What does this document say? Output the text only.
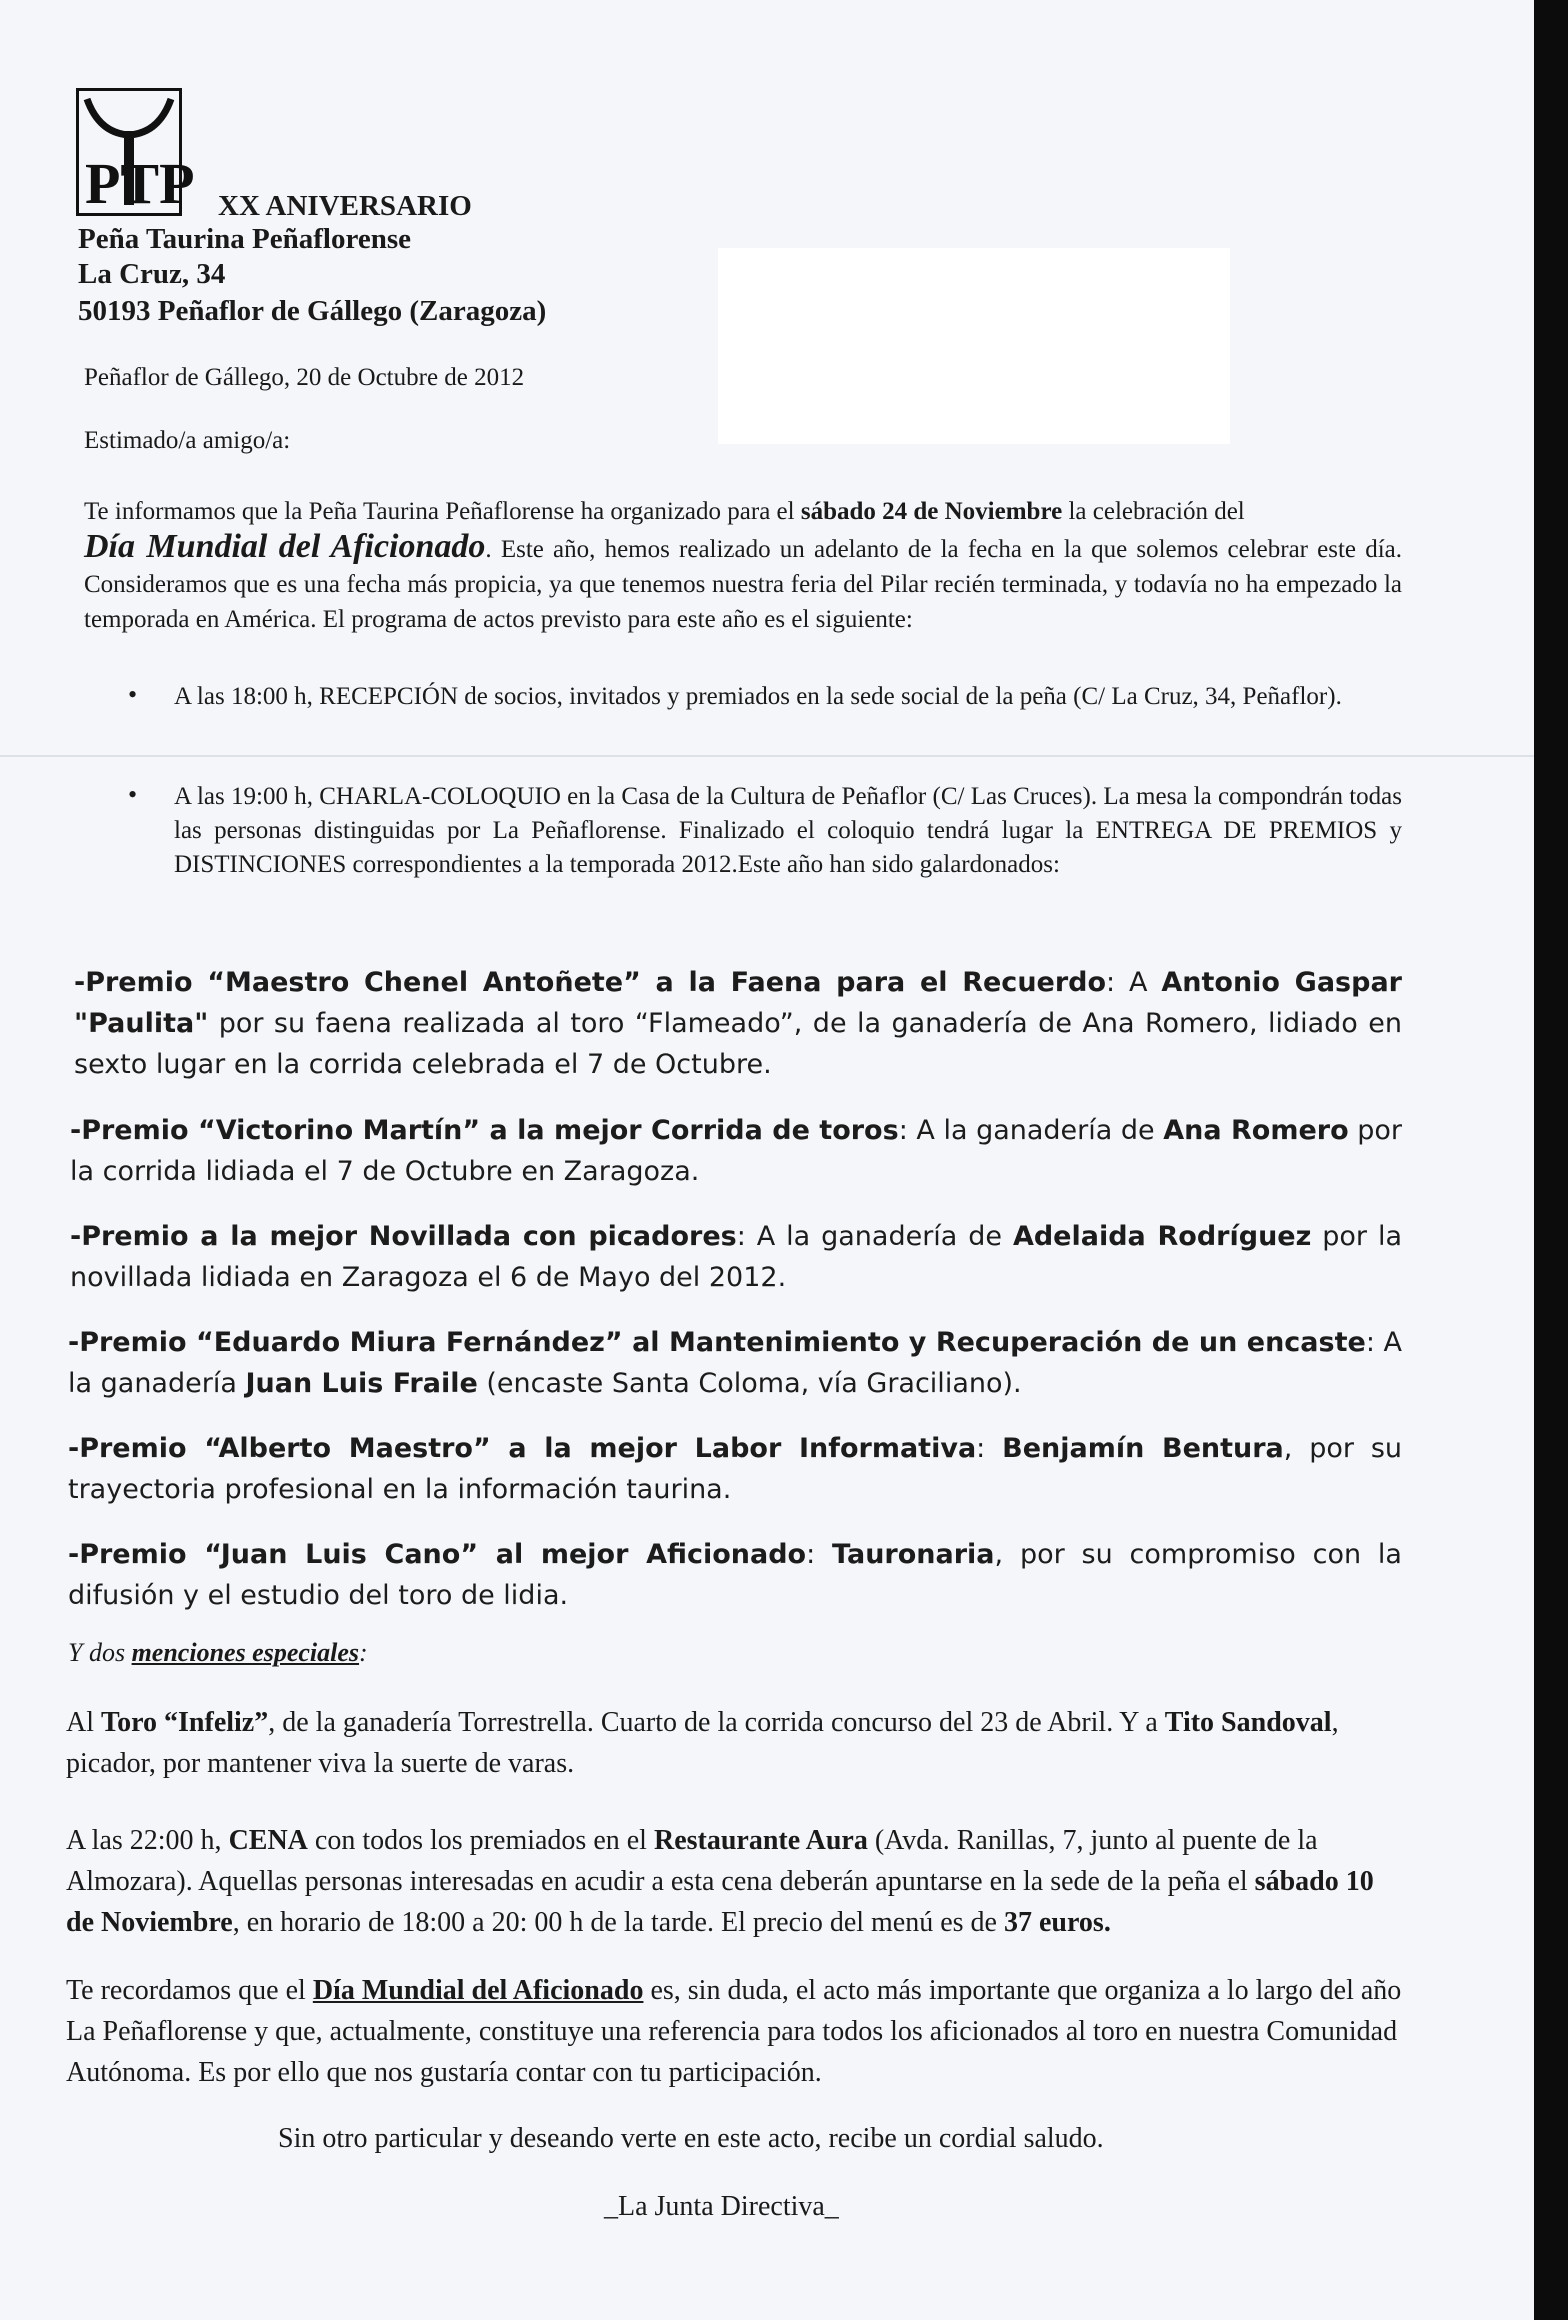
PTP XX ANIVERSARIO
Peña Taurina Peñaflorense
La Cruz, 34
50193 Peñaflor de Gállego (Zaragoza)
Peñaflor de Gállego, 20 de Octubre de 2012
Estimado/a amigo/a:
Te informamos que la Peña Taurina Peñaflorense ha organizado para el sábado 24 de Noviembre la celebración del
Día Mundial del Aficionado. Este año, hemos realizado un adelanto de la fecha en la que solemos celebrar este día. Consideramos que es una fecha más propicia, ya que tenemos nuestra feria del Pilar recién terminada, y todavía no ha empezado la temporada en América. El programa de actos previsto para este año es el siguiente:
• A las 18:00 h, RECEPCIÓN de socios, invitados y premiados en la sede social de la peña (C/ La Cruz, 34, Peñaflor).
• A las 19:00 h, CHARLA-COLOQUIO en la Casa de la Cultura de Peñaflor (C/ Las Cruces). La mesa la compondrán todas las personas distinguidas por La Peñaflorense. Finalizado el coloquio tendrá lugar la ENTREGA DE PREMIOS y DISTINCIONES correspondientes a la temporada 2012.Este año han sido galardonados:
-Premio “Maestro Chenel Antoñete” a la Faena para el Recuerdo: A Antonio Gaspar "Paulita" por su faena realizada al toro “Flameado”, de la ganadería de Ana Romero, lidiado en sexto lugar en la corrida celebrada el 7 de Octubre.
-Premio “Victorino Martín” a la mejor Corrida de toros: A la ganadería de Ana Romero por la corrida lidiada el 7 de Octubre en Zaragoza.
-Premio a la mejor Novillada con picadores: A la ganadería de Adelaida Rodríguez por la novillada lidiada en Zaragoza el 6 de Mayo del 2012.
-Premio “Eduardo Miura Fernández” al Mantenimiento y Recuperación de un encaste: A la ganadería Juan Luis Fraile (encaste Santa Coloma, vía Graciliano).
-Premio “Alberto Maestro” a la mejor Labor Informativa: Benjamín Bentura, por su trayectoria profesional en la información taurina.
-Premio “Juan Luis Cano” al mejor Aficionado: Tauronaria, por su compromiso con la difusión y el estudio del toro de lidia.
Y dos menciones especiales:
Al Toro “Infeliz”, de la ganadería Torrestrella. Cuarto de la corrida concurso del 23 de Abril. Y a Tito Sandoval, picador, por mantener viva la suerte de varas.
A las 22:00 h, CENA con todos los premiados en el Restaurante Aura (Avda. Ranillas, 7, junto al puente de la Almozara). Aquellas personas interesadas en acudir a esta cena deberán apuntarse en la sede de la peña el sábado 10 de Noviembre, en horario de 18:00 a 20: 00 h de la tarde. El precio del menú es de 37 euros.
Te recordamos que el Día Mundial del Aficionado es, sin duda, el acto más importante que organiza a lo largo del año La Peñaflorense y que, actualmente, constituye una referencia para todos los aficionados al toro en nuestra Comunidad Autónoma. Es por ello que nos gustaría contar con tu participación.
Sin otro particular y deseando verte en este acto, recibe un cordial saludo.
_La Junta Directiva_
